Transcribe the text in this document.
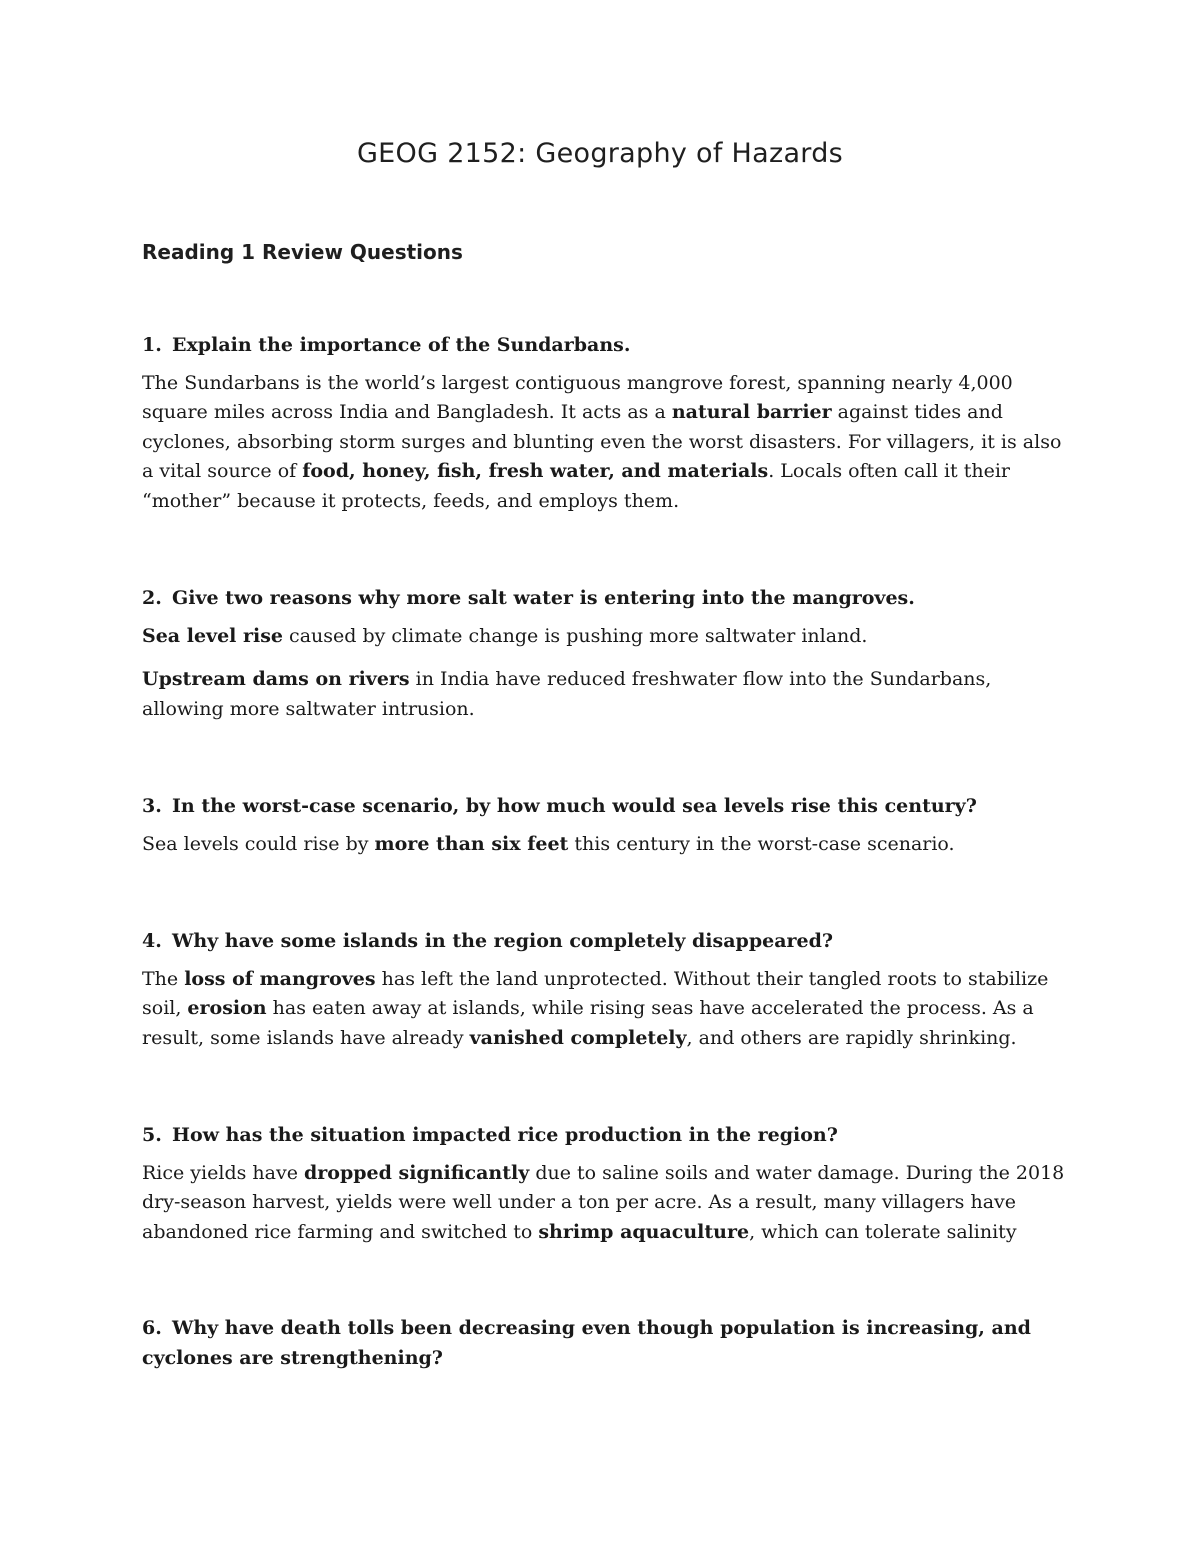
GEOG 2152: Geography of Hazards
Reading 1 Review Questions

1. Explain the importance of the Sundarbans.

The Sundarbans is the world’s largest contiguous mangrove forest, spanning nearly 4,000 square miles across India and Bangladesh. It acts as a natural barrier against tides and cyclones, absorbing storm surges and blunting even the worst disasters. For villagers, it is also a vital source of food, honey, fish, fresh water, and materials. Locals often call it their “mother” because it protects, feeds, and employs them.

2. Give two reasons why more salt water is entering into the mangroves.

Sea level rise caused by climate change is pushing more saltwater inland.

Upstream dams on rivers in India have reduced freshwater flow into the Sundarbans, allowing more saltwater intrusion.

3. In the worst-case scenario, by how much would sea levels rise this century?

Sea levels could rise by more than six feet this century in the worst-case scenario.

4. Why have some islands in the region completely disappeared?

The loss of mangroves has left the land unprotected. Without their tangled roots to stabilize soil, erosion has eaten away at islands, while rising seas have accelerated the process. As a result, some islands have already vanished completely, and others are rapidly shrinking.

5. How has the situation impacted rice production in the region?

Rice yields have dropped significantly due to saline soils and water damage. During the 2018 dry-season harvest, yields were well under a ton per acre. As a result, many villagers have abandoned rice farming and switched to shrimp aquaculture, which can tolerate salinity

6. Why have death tolls been decreasing even though population is increasing, and cyclones are strengthening?
